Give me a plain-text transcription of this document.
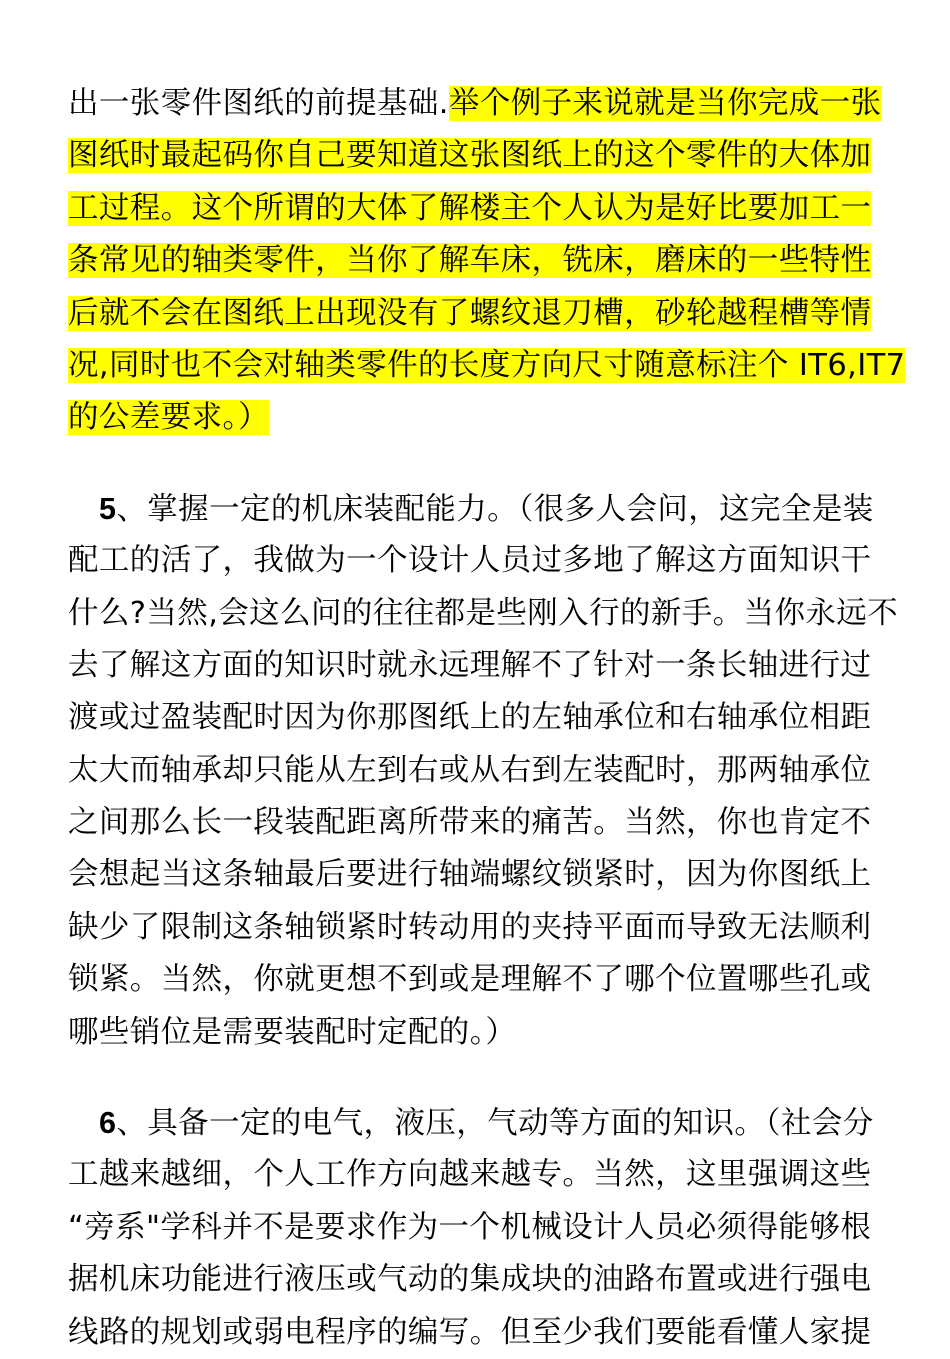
出一张零件图纸的前提基础.举个例子来说就是当你完成一张
图纸时最起码你自己要知道这张图纸上的这个零件的大体加
工过程。这个所谓的大体了解楼主个人认为是好比要加工一
条常见的轴类零件，当你了解车床，铣床，磨床的一些特性
后就不会在图纸上出现没有了螺纹退刀槽，砂轮越程槽等情
况,同时也不会对轴类零件的长度方向尺寸随意标注个 IT6,IT7
的公差要求。）
5、掌握一定的机床装配能力。（很多人会问，这完全是装
配工的活了，我做为一个设计人员过多地了解这方面知识干
什么?当然,会这么问的往往都是些刚入行的新手。当你永远不
去了解这方面的知识时就永远理解不了针对一条长轴进行过
渡或过盈装配时因为你那图纸上的左轴承位和右轴承位相距
太大而轴承却只能从左到右或从右到左装配时，那两轴承位
之间那么长一段装配距离所带来的痛苦。当然，你也肯定不
会想起当这条轴最后要进行轴端螺纹锁紧时，因为你图纸上
缺少了限制这条轴锁紧时转动用的夹持平面而导致无法顺利
锁紧。当然，你就更想不到或是理解不了哪个位置哪些孔或
哪些销位是需要装配时定配的。）
6、具备一定的电气，液压，气动等方面的知识。（社会分
工越来越细，个人工作方向越来越专。当然，这里强调这些
“旁系"学科并不是要求作为一个机械设计人员必须得能够根
据机床功能进行液压或气动的集成块的油路布置或进行强电
线路的规划或弱电程序的编写。但至少我们要能看懂人家提
